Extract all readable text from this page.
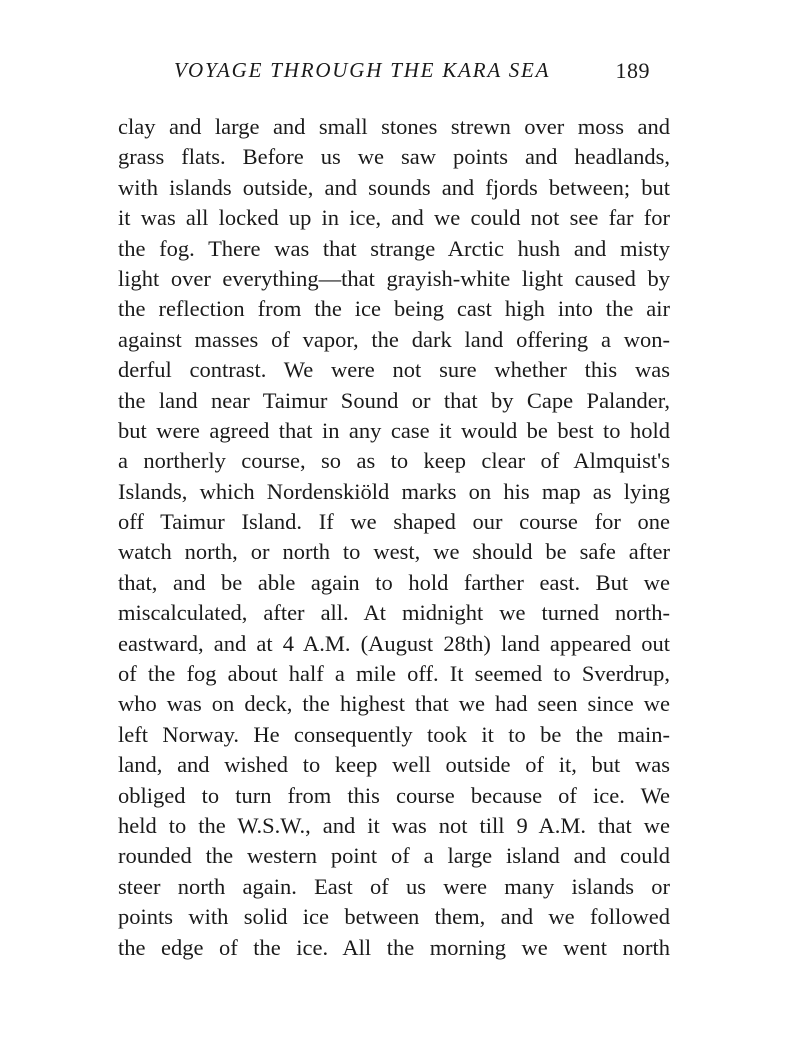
VOYAGE THROUGH THE KARA SEA	189
clay and large and small stones strewn over moss and
grass flats. Before us we saw points and headlands,
with islands outside, and sounds and fjords between; but
it was all locked up in ice, and we could not see far for
the fog. There was that strange Arctic hush and misty
light over everything—that grayish-white light caused by
the reflection from the ice being cast high into the air
against masses of vapor, the dark land offering a won-
derful contrast. We were not sure whether this was
the land near Taimur Sound or that by Cape Palander,
but were agreed that in any case it would be best to hold
a northerly course, so as to keep clear of Almquist's
Islands, which Nordenskiöld marks on his map as lying
off Taimur Island. If we shaped our course for one
watch north, or north to west, we should be safe after
that, and be able again to hold farther east. But we
miscalculated, after all. At midnight we turned north-
eastward, and at 4 A.M. (August 28th) land appeared out
of the fog about half a mile off. It seemed to Sverdrup,
who was on deck, the highest that we had seen since we
left Norway. He consequently took it to be the main-
land, and wished to keep well outside of it, but was
obliged to turn from this course because of ice. We
held to the W.S.W., and it was not till 9 A.M. that we
rounded the western point of a large island and could
steer north again. East of us were many islands or
points with solid ice between them, and we followed
the edge of the ice. All the morning we went north
